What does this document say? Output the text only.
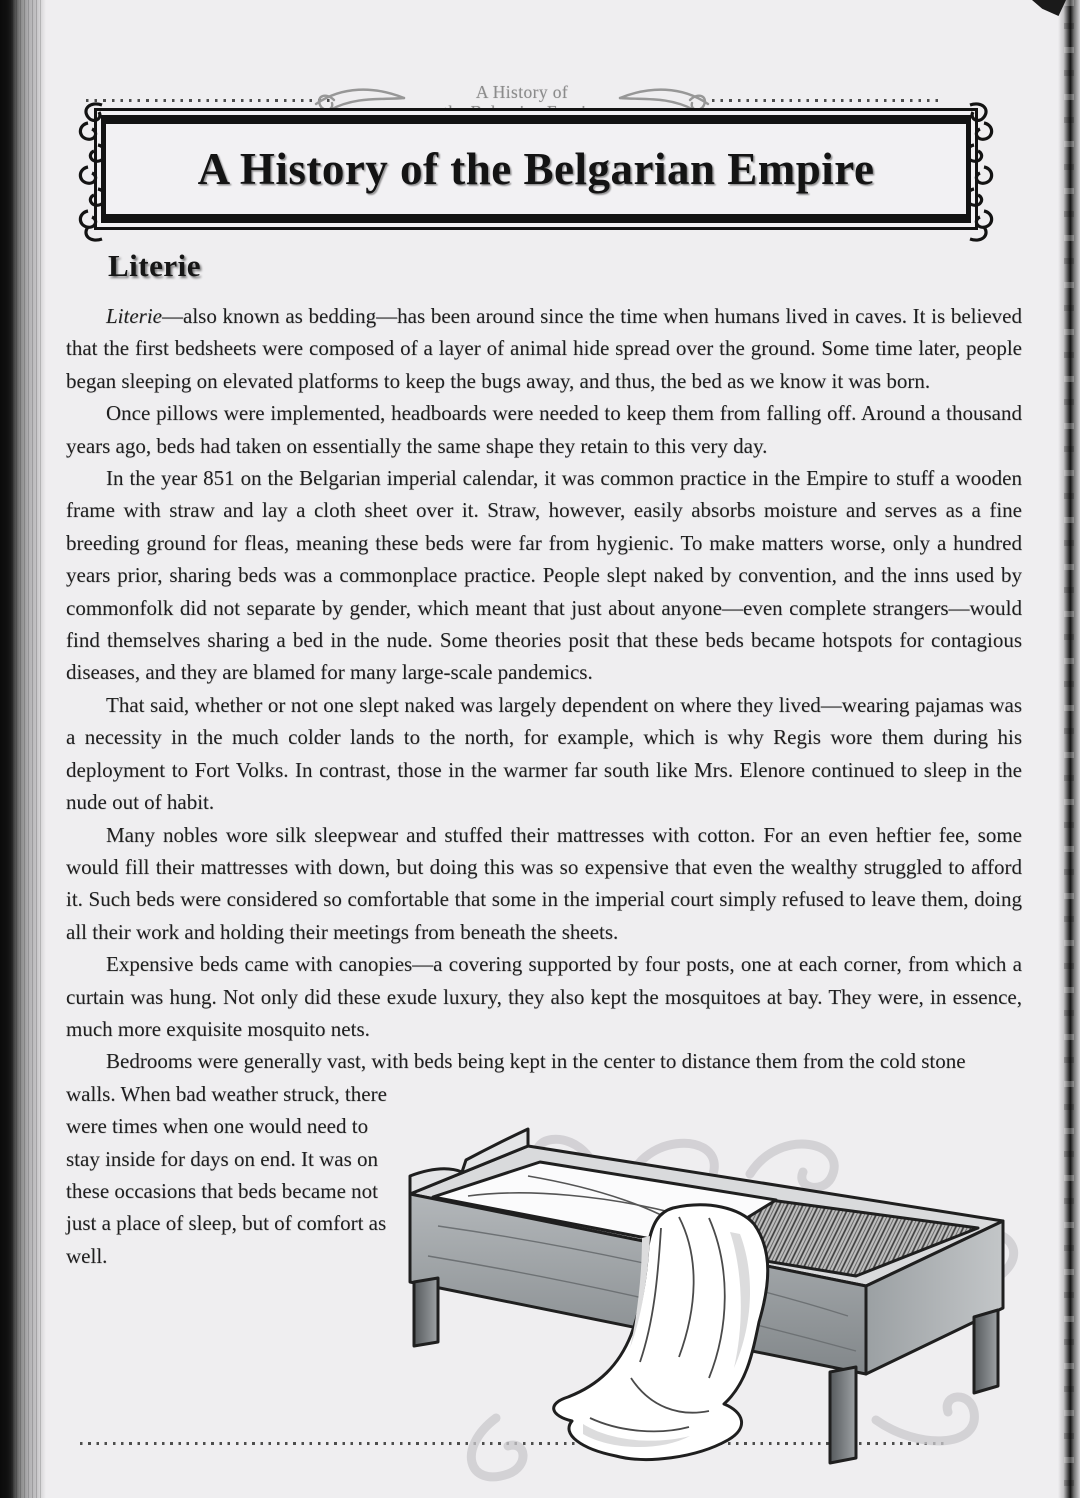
A History of
A History of the Belgarian Empire
Literie

Literie—also known as bedding—has been around since the time when humans lived in caves. It is believed that the first bedsheets were composed of a layer of animal hide spread over the ground. Some time later, people began sleeping on elevated platforms to keep the bugs away, and thus, the bed as we know it was born.

Once pillows were implemented, headboards were needed to keep them from falling off. Around a thousand years ago, beds had taken on essentially the same shape they retain to this very day.

In the year 851 on the Belgarian imperial calendar, it was common practice in the Empire to stuff a wooden frame with straw and lay a cloth sheet over it. Straw, however, easily absorbs moisture and serves as a fine breeding ground for fleas, meaning these beds were far from hygienic. To make matters worse, only a hundred years prior, sharing beds was a commonplace practice. People slept naked by convention, and the inns used by commonfolk did not separate by gender, which meant that just about anyone—even complete strangers—would find themselves sharing a bed in the nude. Some theories posit that these beds became hotspots for contagious diseases, and they are blamed for many large-scale pandemics.

That said, whether or not one slept naked was largely dependent on where they lived—wearing pajamas was a necessity in the much colder lands to the north, for example, which is why Regis wore them during his deployment to Fort Volks. In contrast, those in the warmer far south like Mrs. Elenore continued to sleep in the nude out of habit.

Many nobles wore silk sleepwear and stuffed their mattresses with cotton. For an even heftier fee, some would fill their mattresses with down, but doing this was so expensive that even the wealthy struggled to afford it. Such beds were considered so comfortable that some in the imperial court simply refused to leave them, doing all their work and holding their meetings from beneath the sheets.

Expensive beds came with canopies—a covering supported by four posts, one at each corner, from which a curtain was hung. Not only did these exude luxury, they also kept the mosquitoes at bay. They were, in essence, much more exquisite mosquito nets.

Bedrooms were generally vast, with beds being kept in the center to distance them from the cold stone

walls. When bad weather struck, there were times when one would need to stay inside for days on end. It was on these occasions that beds became not just a place of sleep, but of comfort as well.
